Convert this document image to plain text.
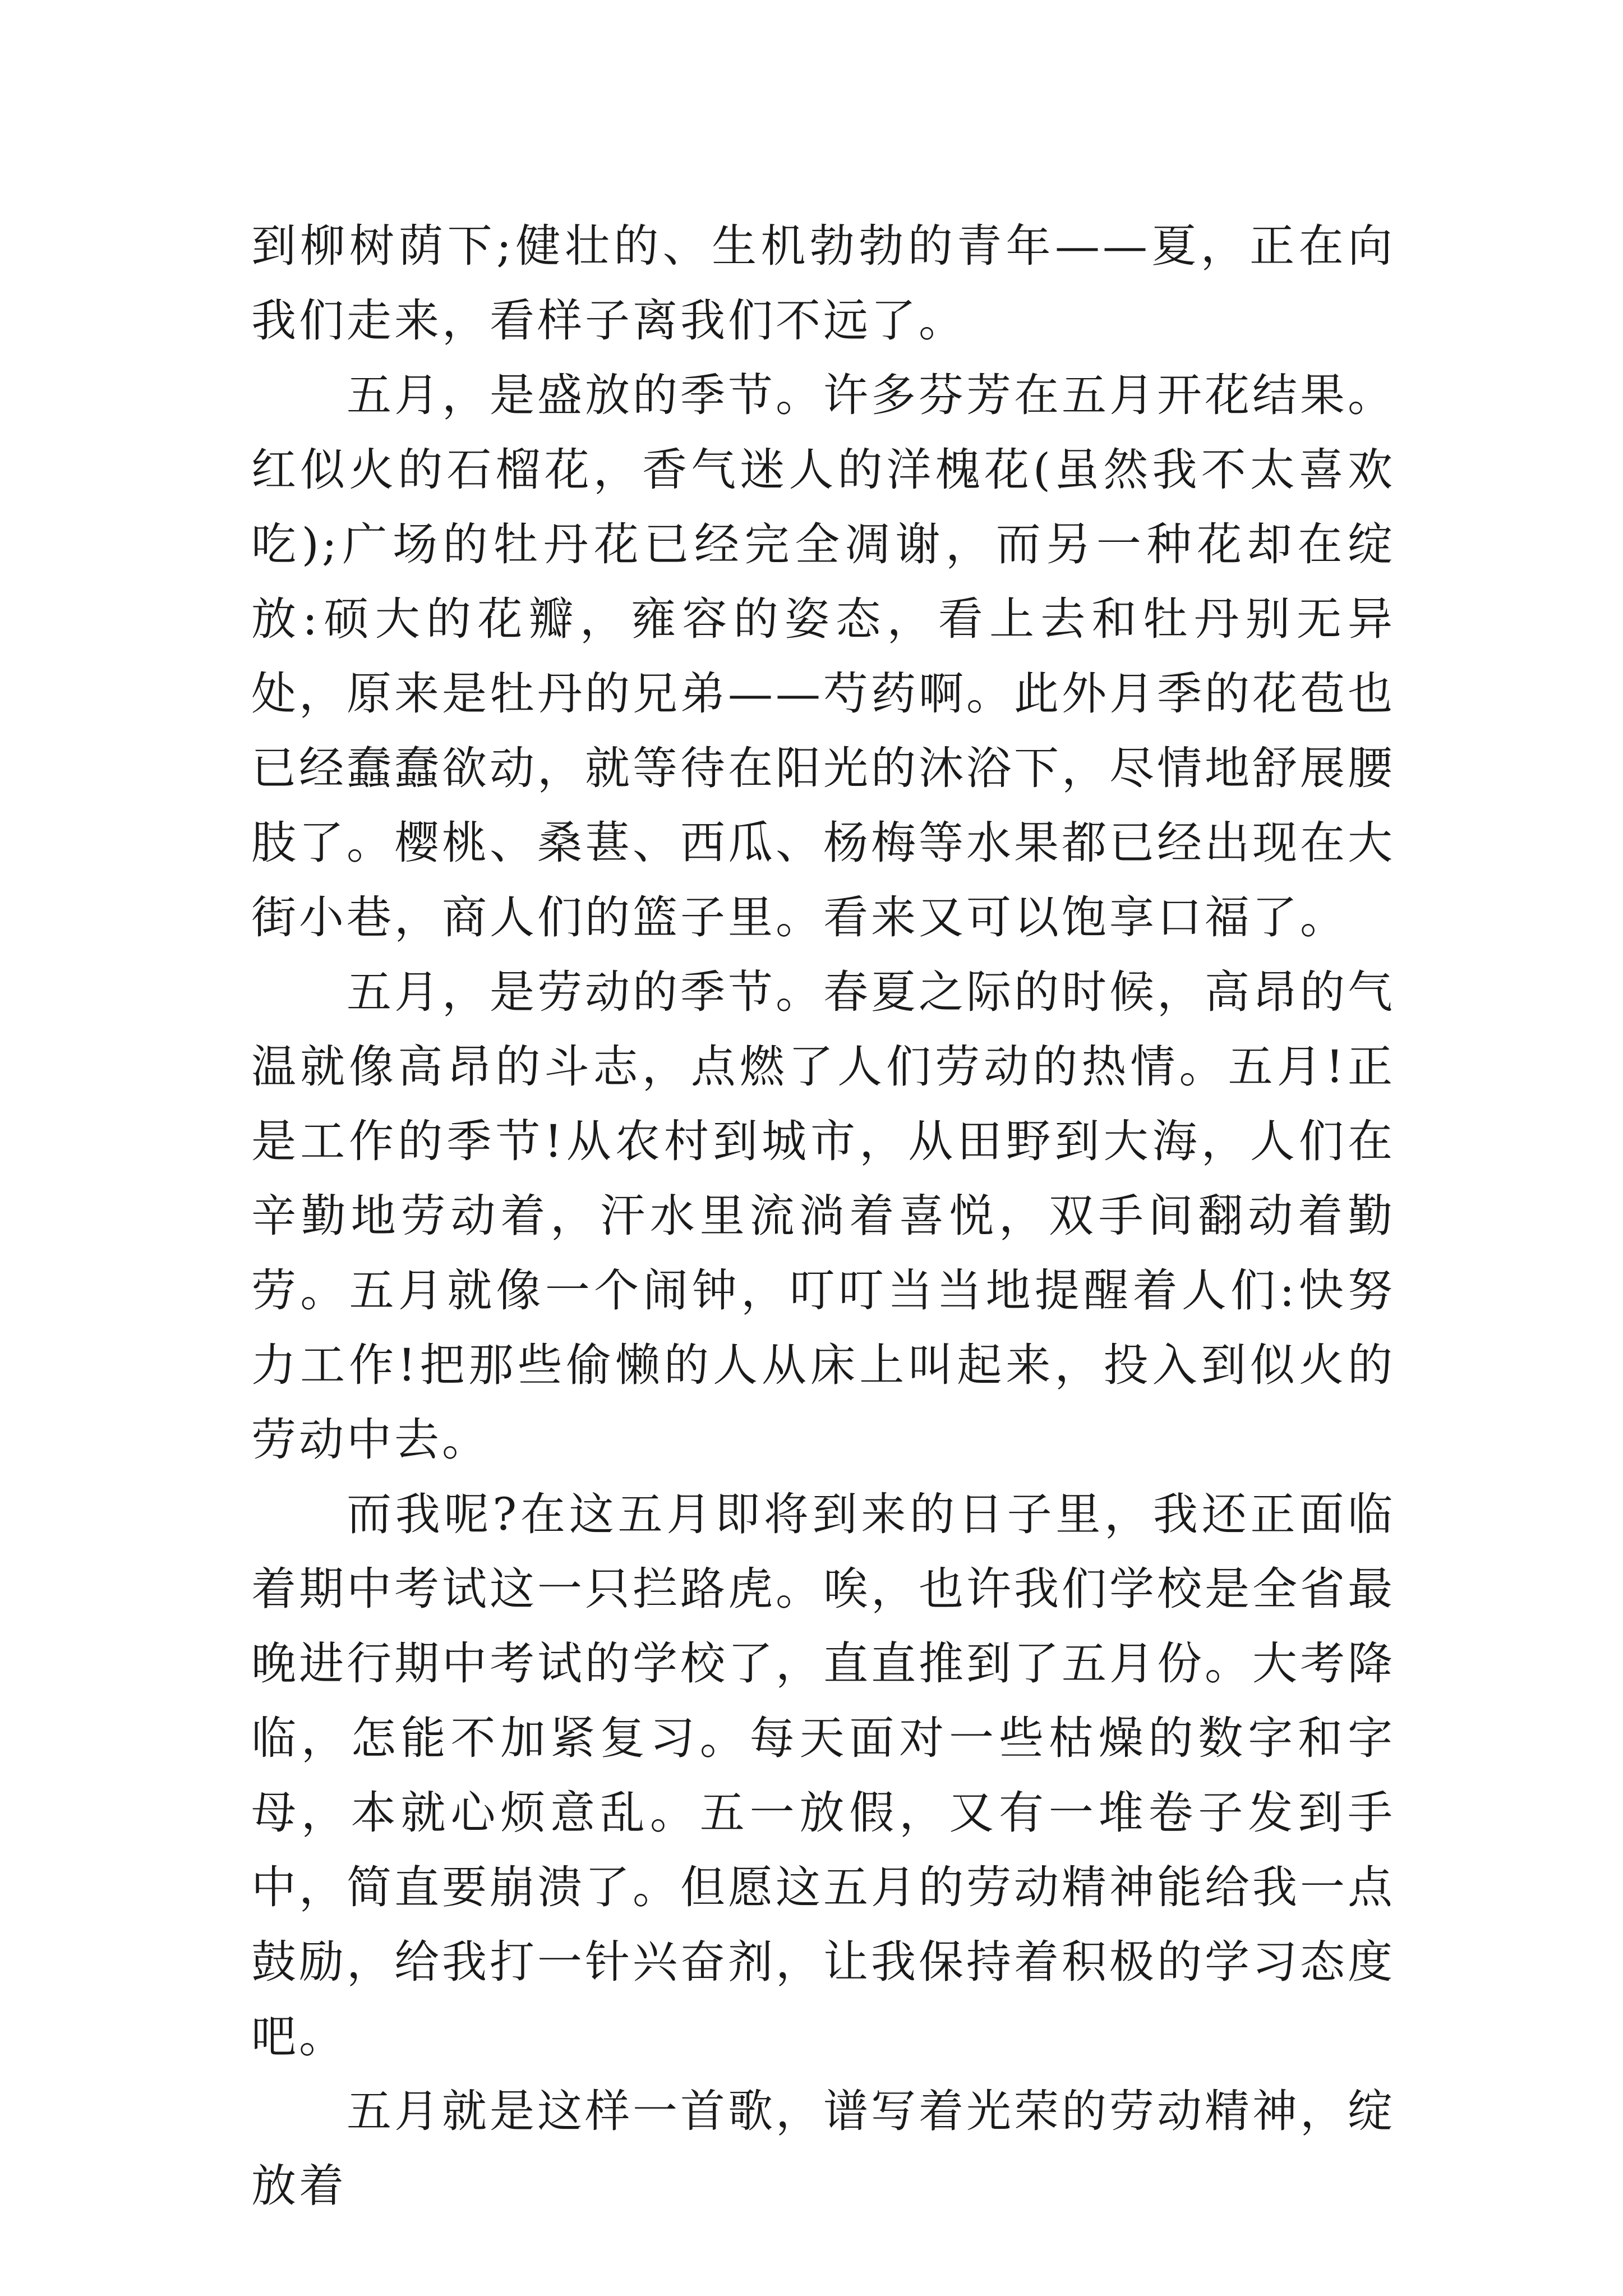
到柳树荫下;健壮的、生机勃勃的青年——夏，正在向我们走来，看样子离我们不远了。

五月，是盛放的季节。许多芬芳在五月开花结果。红似火的石榴花，香气迷人的洋槐花(虽然我不太喜欢吃);广场的牡丹花已经完全凋谢，而另一种花却在绽放:硕大的花瓣，雍容的姿态，看上去和牡丹别无异处，原来是牡丹的兄弟——芍药啊。此外月季的花苞也已经蠢蠢欲动，就等待在阳光的沐浴下，尽情地舒展腰肢了。樱桃、桑葚、西瓜、杨梅等水果都已经出现在大街小巷，商人们的篮子里。看来又可以饱享口福了。

五月，是劳动的季节。春夏之际的时候，高昂的气温就像高昂的斗志，点燃了人们劳动的热情。五月!正是工作的季节!从农村到城市，从田野到大海，人们在辛勤地劳动着，汗水里流淌着喜悦，双手间翻动着勤劳。五月就像一个闹钟，叮叮当当地提醒着人们:快努力工作!把那些偷懒的人从床上叫起来，投入到似火的劳动中去。

而我呢?在这五月即将到来的日子里，我还正面临着期中考试这一只拦路虎。唉，也许我们学校是全省最晚进行期中考试的学校了，直直推到了五月份。大考降临，怎能不加紧复习。每天面对一些枯燥的数字和字母，本就心烦意乱。五一放假，又有一堆卷子发到手中，简直要崩溃了。但愿这五月的劳动精神能给我一点鼓励，给我打一针兴奋剂，让我保持着积极的学习态度吧。

五月就是这样一首歌，谱写着光荣的劳动精神，绽放着
